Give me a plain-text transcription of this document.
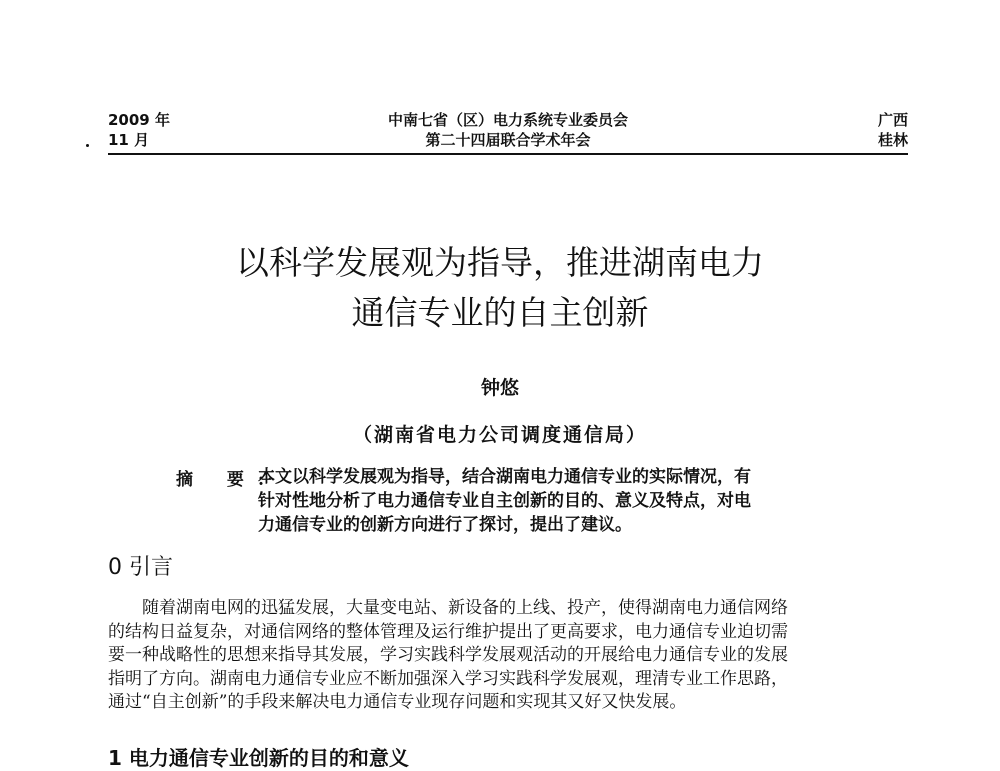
2009 年
11 月
中南七省（区）电力系统专业委员会
第二十四届联合学术年会
广西
桂林
以科学发展观为指导，推进湖南电力
通信专业的自主创新
钟悠
（湖南省电力公司调度通信局）
摘 要:
本文以科学发展观为指导，结合湖南电力通信专业的实际情况，有
针对性地分析了电力通信专业自主创新的目的、意义及特点，对电
力通信专业的创新方向进行了探讨，提出了建议。
0 引言
随着湖南电网的迅猛发展，大量变电站、新设备的上线、投产，使得湖南电力通信网络
的结构日益复杂，对通信网络的整体管理及运行维护提出了更高要求，电力通信专业迫切需
要一种战略性的思想来指导其发展，学习实践科学发展观活动的开展给电力通信专业的发展
指明了方向。湖南电力通信专业应不断加强深入学习实践科学发展观，理清专业工作思路，
通过“自主创新”的手段来解决电力通信专业现存问题和实现其又好又快发展。
1 电力通信专业创新的目的和意义
